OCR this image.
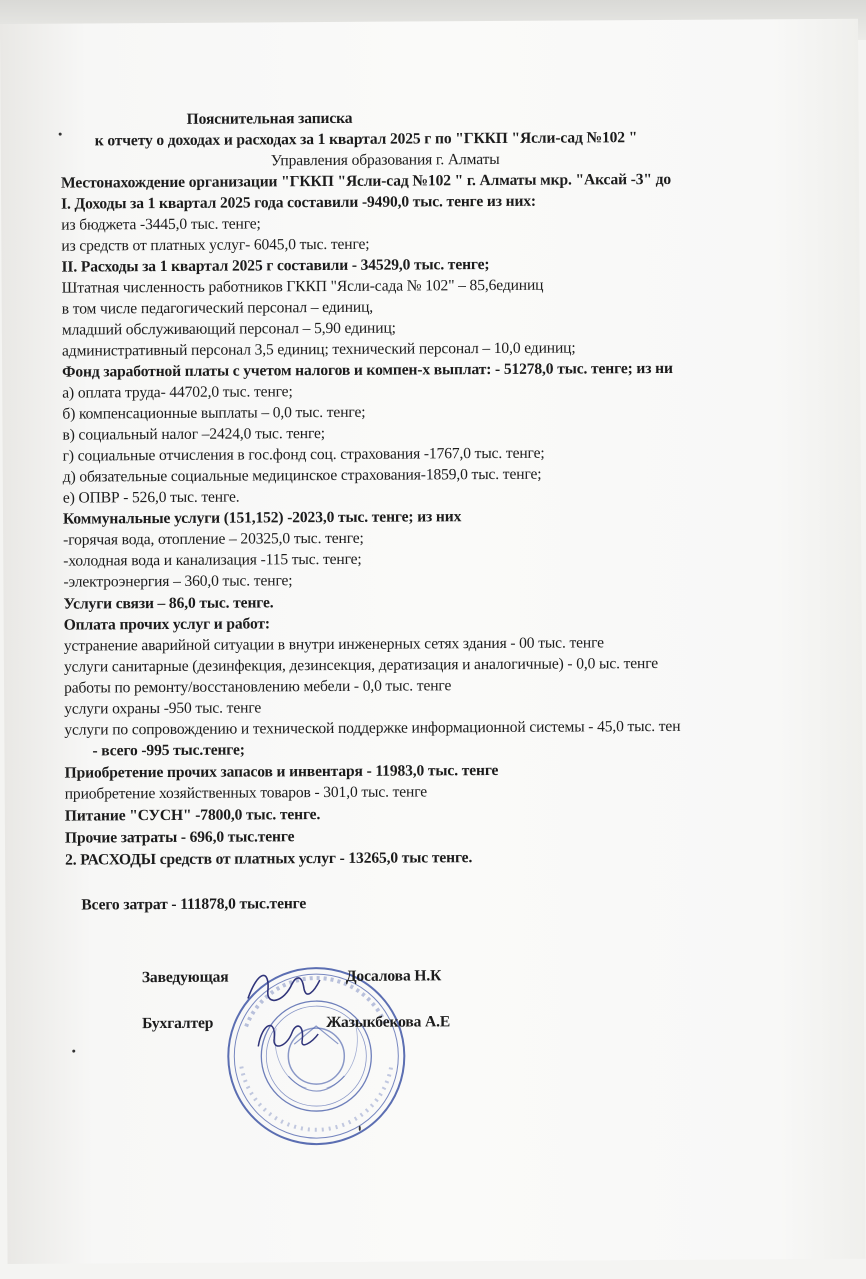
Пояснительная записка
к отчету о доходах и расходах за 1 квартал 2025 г по "ГККП "Ясли-сад №102 "
Управления образования г. Алматы
Местонахождение организации "ГККП "Ясли-сад №102 " г. Алматы мкр. "Аксай -3" до
I. Доходы за 1 квартал 2025 года составили -9490,0 тыс. тенге из них:
из бюджета -3445,0 тыс. тенге;
из средств от платных услуг- 6045,0 тыс. тенге;
II. Расходы за 1 квартал 2025 г составили - 34529,0 тыс. тенге;
Штатная численность работников ГККП "Ясли-сада № 102" – 85,6единиц
в том числе педагогический персонал – единиц,
младший обслуживающий персонал – 5,90 единиц;
административный персонал 3,5 единиц; технический персонал – 10,0 единиц;
Фонд заработной платы с учетом налогов и компен-х выплат: - 51278,0 тыс. тенге; из ни
а) оплата труда- 44702,0 тыс. тенге;
б) компенсационные выплаты – 0,0 тыс. тенге;
в) социальный налог –2424,0 тыс. тенге;
г) социальные отчисления в гос.фонд соц. страхования -1767,0 тыс. тенге;
д) обязательные социальные медицинское страхования-1859,0 тыс. тенге;
е) ОПВР - 526,0 тыс. тенге.
Коммунальные услуги (151,152) -2023,0 тыс. тенге; из них
-горячая вода, отопление – 20325,0 тыс. тенге;
-холодная вода и канализация -115 тыс. тенге;
-электроэнергия – 360,0 тыс. тенге;
Услуги связи – 86,0 тыс. тенге.
Оплата прочих услуг и работ:
устранение аварийной ситуации в внутри инженерных сетях здания - 00 тыс. тенге
услуги санитарные (дезинфекция, дезинсекция, дератизация и аналогичные) - 0,0 ыс. тенге
работы по ремонту/восстановлению мебели - 0,0 тыс. тенге
услуги охраны -950 тыс. тенге
услуги по сопровождению и технической поддержке информационной системы - 45,0 тыс. тен
- всего -995 тыс.тенге;
Приобретение прочих запасов и инвентаря - 11983,0 тыс. тенге
приобретение хозяйственных товаров - 301,0 тыс. тенге
Питание "СУСН" -7800,0 тыс. тенге.
Прочие затраты - 696,0 тыс.тенге
2. РАСХОДЫ средств от платных услуг - 13265,0 тыс тенге.
Всего затрат - 111878,0 тыс.тенге
Заведующая	Досалова Н.К
Бухгалтер	Жазыкбекова А.Е
